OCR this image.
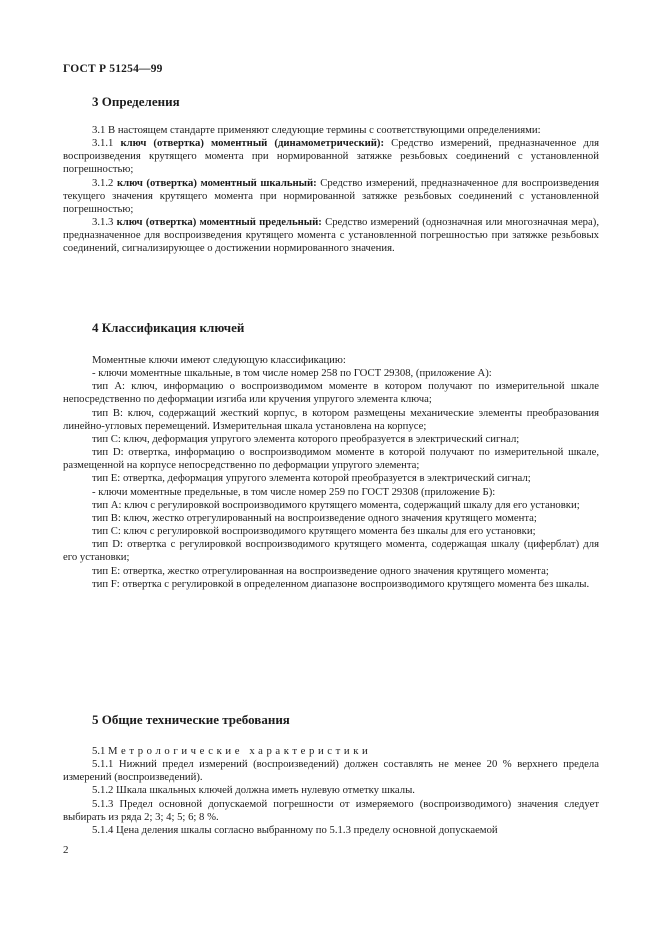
ГОСТ Р 51254—99
3 Определения

3.1 В настоящем стандарте применяют следующие термины с соответствующими определениями:

3.1.1 ключ (отвертка) моментный (динамометрический): Средство измерений, предназначенное для воспроизведения крутящего момента при нормированной затяжке резьбовых соединений с установленной погрешностью;

3.1.2 ключ (отвертка) моментный шкальный: Средство измерений, предназначенное для воспроизведения текущего значения крутящего момента при нормированной затяжке резьбовых соединений с установленной погрешностью;

3.1.3 ключ (отвертка) моментный предельный: Средство измерений (однозначная или многозначная мера), предназначенное для воспроизведения крутящего момента с установленной погрешностью при затяжке резьбовых соединений, сигнализирующее о достижении нормированного значения.

4 Классификация ключей

Моментные ключи имеют следующую классификацию:

- ключи моментные шкальные, в том числе номер 258 по ГОСТ 29308, (приложение А):

тип А: ключ, информацию о воспроизводимом моменте в котором получают по измерительной шкале непосредственно по деформации изгиба или кручения упругого элемента ключа;

тип В: ключ, содержащий жесткий корпус, в котором размещены механические элементы преобразования линейно-угловых перемещений. Измерительная шкала установлена на корпусе;

тип С: ключ, деформация упругого элемента которого преобразуется в электрический сигнал;

тип D: отвертка, информацию о воспроизводимом моменте в которой получают по измерительной шкале, размещенной на корпусе непосредственно по деформации упругого элемента;

тип Е: отвертка, деформация упругого элемента которой преобразуется в электрический сигнал;

- ключи моментные предельные, в том числе номер 259 по ГОСТ 29308 (приложение Б):

тип А: ключ с регулировкой воспроизводимого крутящего момента, содержащий шкалу для его установки;

тип В: ключ, жестко отрегулированный на воспроизведение одного значения крутящего момента;

тип С: ключ с регулировкой воспроизводимого крутящего момента без шкалы для его установки;

тип D: отвертка с регулировкой воспроизводимого крутящего момента, содержащая шкалу (циферблат) для его установки;

тип Е: отвертка, жестко отрегулированная на воспроизведение одного значения крутящего момента;

тип F: отвертка с регулировкой в определенном диапазоне воспроизводимого крутящего момента без шкалы.

5 Общие технические требования

5.1 Метрологические характеристики

5.1.1 Нижний предел измерений (воспроизведений) должен составлять не менее 20 % верхнего предела измерений (воспроизведений).

5.1.2 Шкала шкальных ключей должна иметь нулевую отметку шкалы.

5.1.3 Предел основной допускаемой погрешности от измеряемого (воспроизводимого) значения следует выбирать из ряда 2; 3; 4; 5; 6; 8 %.

5.1.4 Цена деления шкалы согласно выбранному по 5.1.3 пределу основной допускаемой

2
